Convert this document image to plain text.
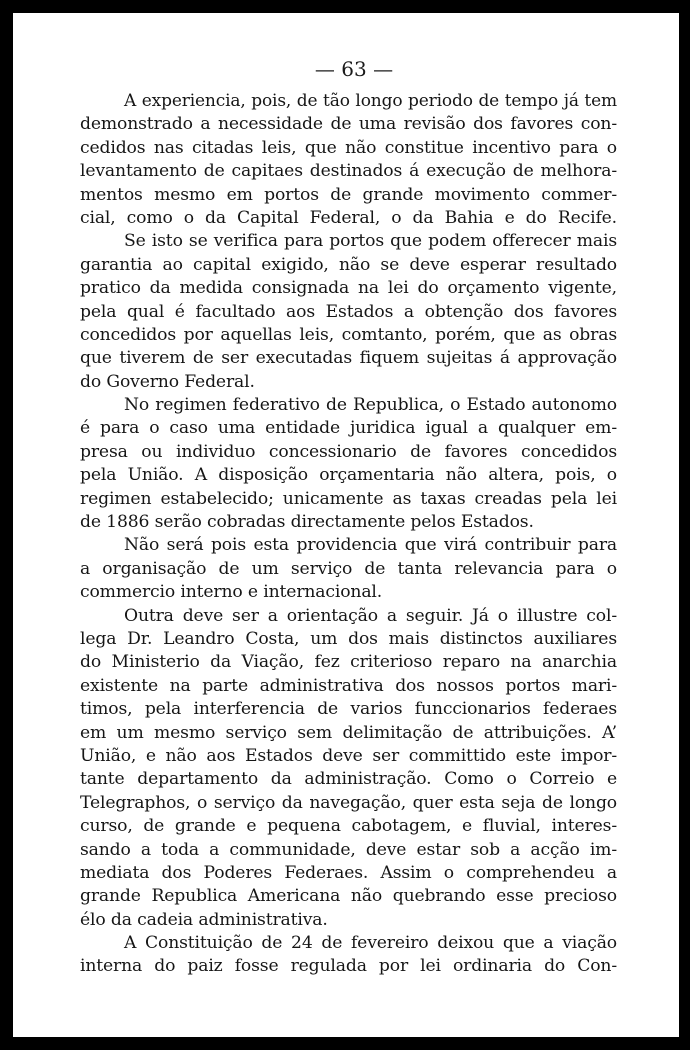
— 63 —
A experiencia, pois, de tão longo periodo de tempo já tem
demonstrado a necessidade de uma revisão dos favores con-
cedidos nas citadas leis, que não constitue incentivo para o
levantamento de capitaes destinados á execução de melhora-
mentos mesmo em portos de grande movimento commer-
cial, como o da Capital Federal, o da Bahia e do Recife.
Se isto se verifica para portos que podem offerecer mais
garantia ao capital exigido, não se deve esperar resultado
pratico da medida consignada na lei do orçamento vigente,
pela qual é facultado aos Estados a obtenção dos favores
concedidos por aquellas leis, comtanto, porém, que as obras
que tiverem de ser executadas fiquem sujeitas á approvação
do Governo Federal.
No regimen federativo de Republica, o Estado autonomo
é para o caso uma entidade juridica igual a qualquer em-
presa ou individuo concessionario de favores concedidos
pela União. A disposição orçamentaria não altera, pois, o
regimen estabelecido; unicamente as taxas creadas pela lei
de 1886 serão cobradas directamente pelos Estados.
Não será pois esta providencia que virá contribuir para
a organisação de um serviço de tanta relevancia para o
commercio interno e internacional.
Outra deve ser a orientação a seguir. Já o illustre col-
lega Dr. Leandro Costa, um dos mais distinctos auxiliares
do Ministerio da Viação, fez criterioso reparo na anarchia
existente na parte administrativa dos nossos portos mari-
timos, pela interferencia de varios funccionarios federaes
em um mesmo serviço sem delimitação de attribuições. A’
União, e não aos Estados deve ser committido este impor-
tante departamento da administração. Como o Correio e
Telegraphos, o serviço da navegação, quer esta seja de longo
curso, de grande e pequena cabotagem, e fluvial, interes-
sando a toda a communidade, deve estar sob a acção im-
mediata dos Poderes Federaes. Assim o comprehendeu a
grande Republica Americana não quebrando esse precioso
élo da cadeia administrativa.
A Constituição de 24 de fevereiro deixou que a viação
interna do paiz fosse regulada por lei ordinaria do Con-
